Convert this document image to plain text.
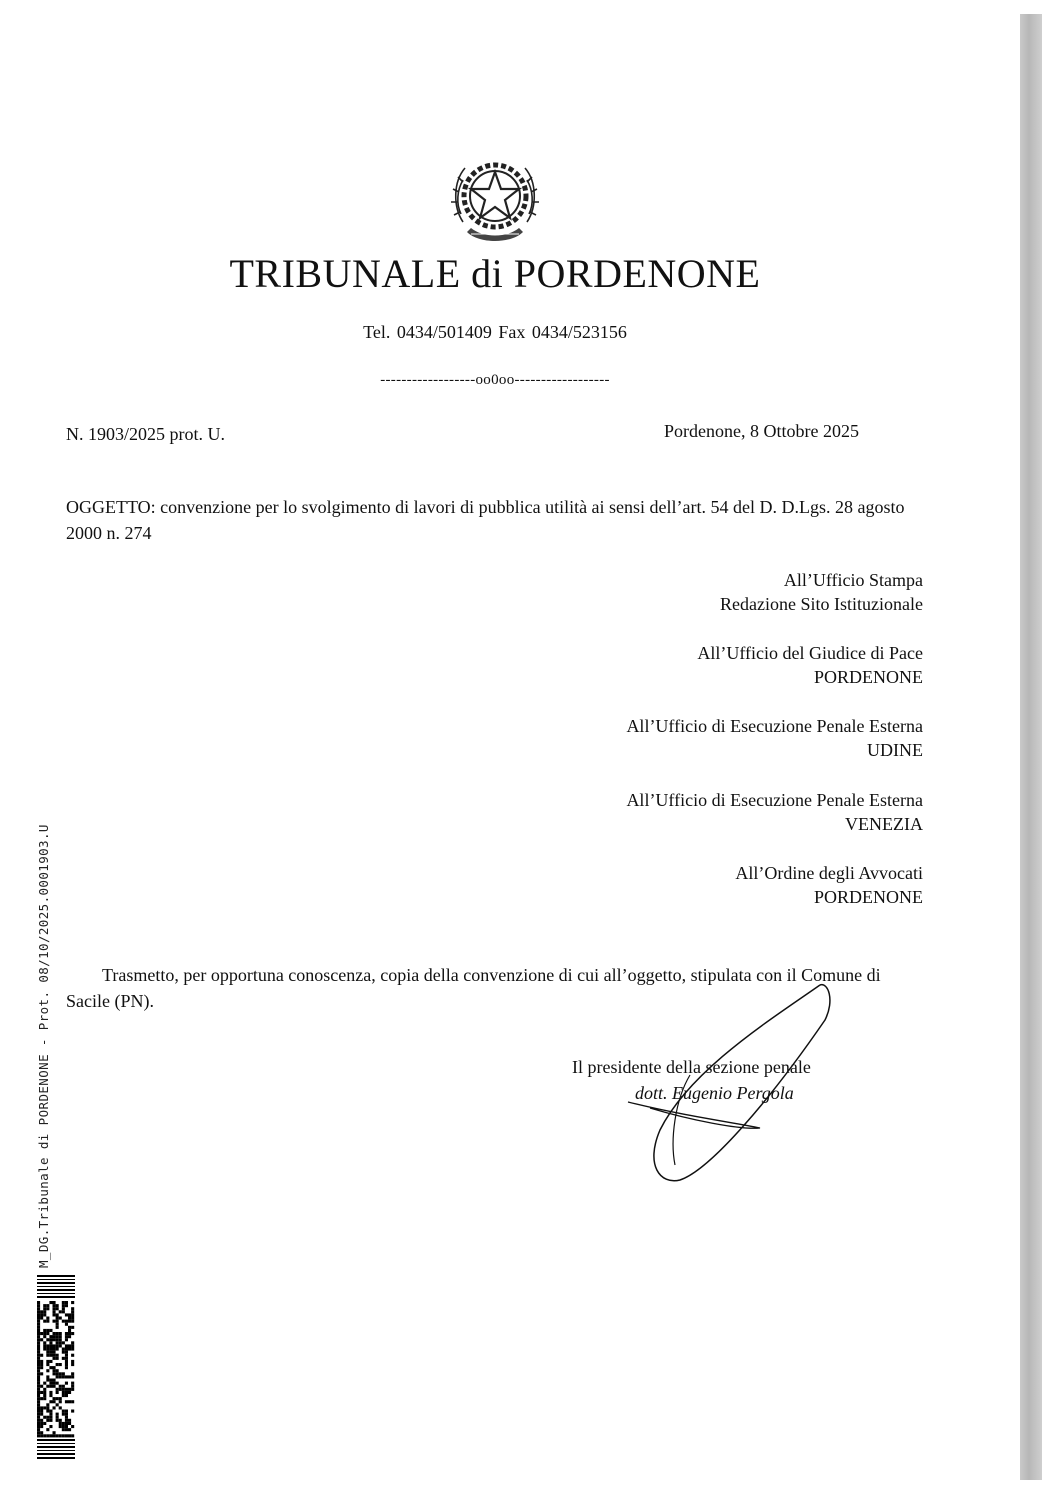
TRIBUNALE di PORDENONE
Tel. 0434/501409 Fax 0434/523156
------------------oo0oo------------------
N. 1903/2025 prot. U.	Pordenone, 8 Ottobre 2025
OGGETTO: convenzione per lo svolgimento di lavori di pubblica utilità ai sensi dell’art. 54 del D. D.Lgs. 28 agosto 2000 n. 274
All’Ufficio Stampa
Redazione Sito Istituzionale
All’Ufficio del Giudice di Pace
PORDENONE
All’Ufficio di Esecuzione Penale Esterna
UDINE
All’Ufficio di Esecuzione Penale Esterna
VENEZIA
All’Ordine degli Avvocati
PORDENONE
Trasmetto, per opportuna conoscenza, copia della convenzione di cui all’oggetto, stipulata con il Comune di Sacile (PN).
Il presidente della sezione penale
dott. Eugenio Pergola
M_DG.Tribunale di PORDENONE - Prot. 08/10/2025.0001903.U
